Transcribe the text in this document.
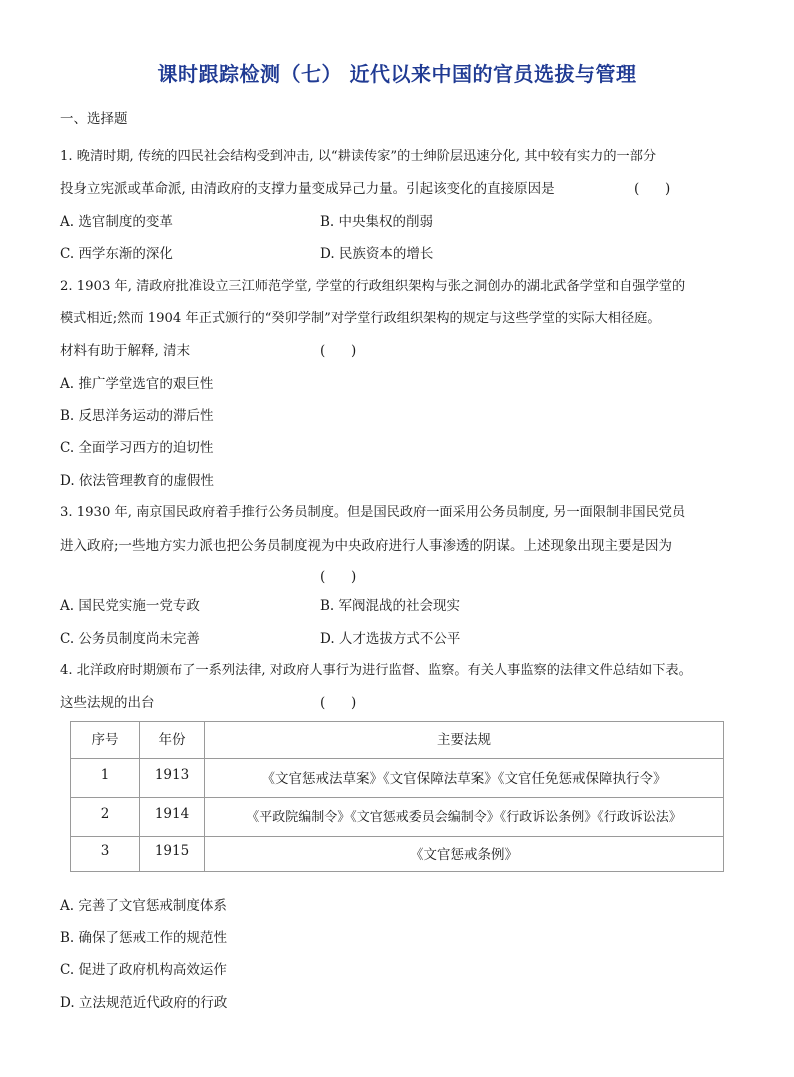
课时跟踪检测（七） 近代以来中国的官员选拔与管理
一、选择题
1. 晚清时期, 传统的四民社会结构受到冲击, 以“耕读传家”的士绅阶层迅速分化, 其中较有实力的一部分
投身立宪派或革命派, 由清政府的支撑力量变成异己力量。引起该变化的直接原因是	(      )
A. 选官制度的变革	B. 中央集权的削弱
C. 西学东渐的深化	D. 民族资本的增长
2. 1903 年, 清政府批准设立三江师范学堂, 学堂的行政组织架构与张之洞创办的湖北武备学堂和自强学堂的
模式相近;然而 1904 年正式颁行的“癸卯学制”对学堂行政组织架构的规定与这些学堂的实际大相径庭。
材料有助于解释, 清末	(      )
A. 推广学堂选官的艰巨性
B. 反思洋务运动的滞后性
C. 全面学习西方的迫切性
D. 依法管理教育的虚假性
3. 1930 年, 南京国民政府着手推行公务员制度。但是国民政府一面采用公务员制度, 另一面限制非国民党员
进入政府;一些地方实力派也把公务员制度视为中央政府进行人事渗透的阴谋。上述现象出现主要是因为
(      )
A. 国民党实施一党专政	B. 军阀混战的社会现实
C. 公务员制度尚未完善	D. 人才选拔方式不公平
4. 北洋政府时期颁布了一系列法律, 对政府人事行为进行监督、监察。有关人事监察的法律文件总结如下表。
这些法规的出台	(      )
序号	年份	主要法规
1	1913	《文官惩戒法草案》《文官保障法草案》《文官任免惩戒保障执行令》
2	1914	《平政院编制令》《文官惩戒委员会编制令》《行政诉讼条例》《行政诉讼法》
3	1915	《文官惩戒条例》
A. 完善了文官惩戒制度体系
B. 确保了惩戒工作的规范性
C. 促进了政府机构高效运作
D. 立法规范近代政府的行政
